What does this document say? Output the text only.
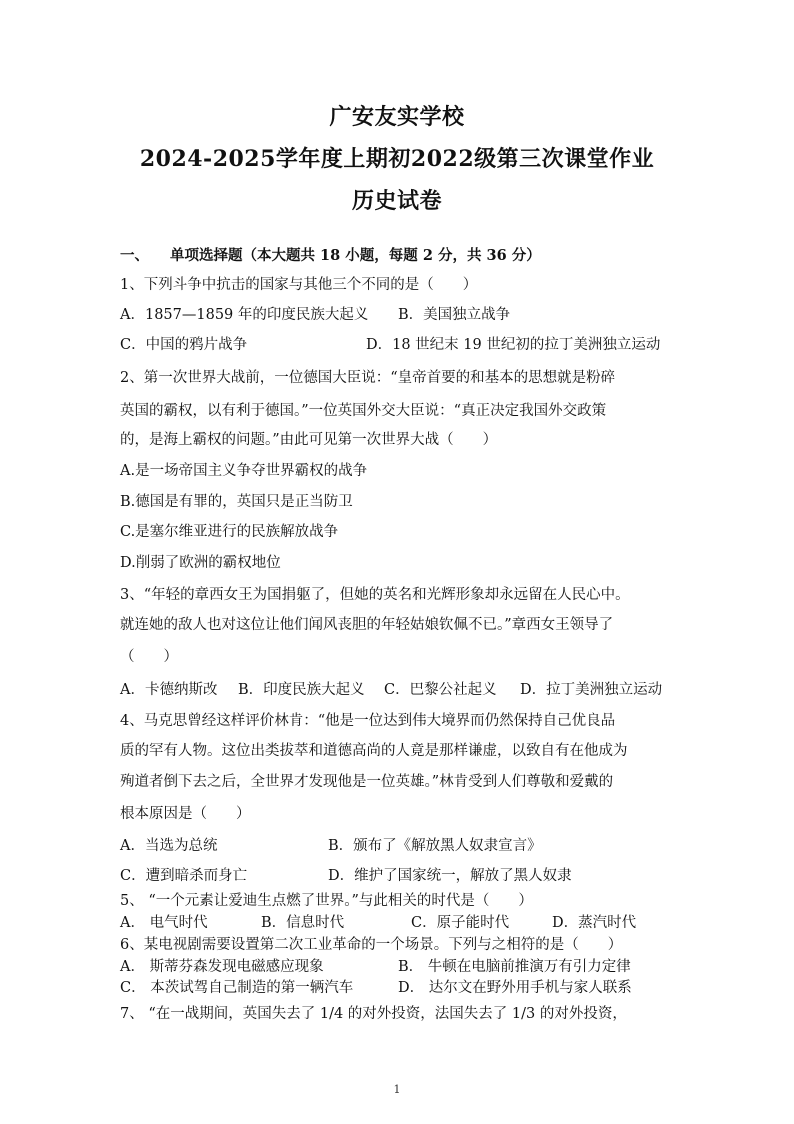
广安友实学校
2024-2025学年度上期初2022级第三次课堂作业
历史试卷
一、 单项选择题（本大题共 18 小题，每题 2 分，共 36 分）
1、下列斗争中抗击的国家与其他三个不同的是（　　）
A．1857—1859 年的印度民族大起义 B．美国独立战争
C．中国的鸦片战争	D．18 世纪末 19 世纪初的拉丁美洲独立运动
2、第一次世界大战前，一位德国大臣说：“皇帝首要的和基本的思想就是粉碎
英国的霸权，以有利于德国。”一位英国外交大臣说：“真正决定我国外交政策
的，是海上霸权的问题。”由此可见第一次世界大战（　　）
A.是一场帝国主义争夺世界霸权的战争
B.德国是有罪的，英国只是正当防卫
C.是塞尔维亚进行的民族解放战争
D.削弱了欧洲的霸权地位
3、“年轻的章西女王为国捐躯了，但她的英名和光辉形象却永远留在人民心中。
就连她的敌人也对这位让他们闻风丧胆的年轻姑娘钦佩不已。”章西女王领导了
（　　）
A．卡德纳斯改 B．印度民族大起义 C．巴黎公社起义 D．拉丁美洲独立运动
4、马克思曾经这样评价林肯：“他是一位达到伟大境界而仍然保持自己优良品
质的罕有人物。这位出类拔萃和道德高尚的人竟是那样谦虚，以致自有在他成为
殉道者倒下去之后，全世界才发现他是一位英雄。”林肯受到人们尊敬和爱戴的
根本原因是（　　）
A．当选为总统	B．颁布了《解放黑人奴隶宣言》
C．遭到暗杀而身亡	D．维护了国家统一，解放了黑人奴隶
5、 “一个元素让爱迪生点燃了世界。”与此相关的时代是（　　）
A． 电气时代	B．信息时代	C．原子能时代	D．蒸汽时代
6、某电视剧需要设置第二次工业革命的一个场景。下列与之相符的是（　　）
A． 斯蒂芬森发现电磁感应现象	B． 牛顿在电脑前推演万有引力定律
C． 本茨试驾自己制造的第一辆汽车	D． 达尔文在野外用手机与家人联系
7、 “在一战期间，英国失去了 1/4 的对外投资，法国失去了 1/3 的对外投资，
1
